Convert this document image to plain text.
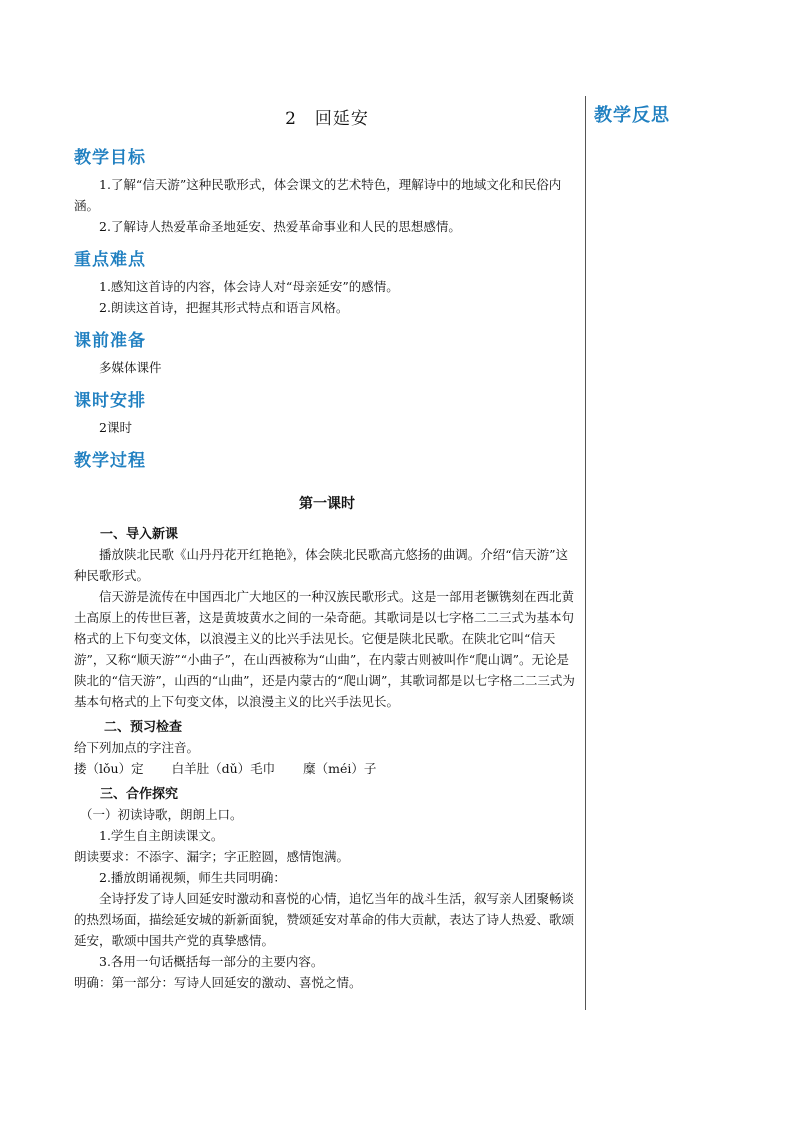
教学反思
2　回延安
教学目标

1.了解“信天游”这种民歌形式，体会课文的艺术特色，理解诗中的地域文化和民俗内涵。

2.了解诗人热爱革命圣地延安、热爱革命事业和人民的思想感情。

重点难点

1.感知这首诗的内容，体会诗人对“母亲延安”的感情。

2.朗读这首诗，把握其形式特点和语言风格。

课前准备

多媒体课件

课时安排

2课时

教学过程
第一课时
一、导入新课

播放陕北民歌《山丹丹花开红艳艳》，体会陕北民歌高亢悠扬的曲调。介绍“信天游”这种民歌形式。

信天游是流传在中国西北广大地区的一种汉族民歌形式。这是一部用老镢镌刻在西北黄土高原上的传世巨著，这是黄坡黄水之间的一朵奇葩。其歌词是以七字格二二三式为基本句格式的上下句变文体，以浪漫主义的比兴手法见长。它便是陕北民歌。在陕北它叫“信天游”，又称“顺天游”“小曲子”，在山西被称为“山曲”，在内蒙古则被叫作“爬山调”。无论是陕北的“信天游”，山西的“山曲”，还是内蒙古的“爬山调”，其歌词都是以七字格二二三式为基本句格式的上下句变文体，以浪漫主义的比兴手法见长。

二、预习检查

给下列加点的字注音。

搂（lǒu）定 白羊肚（dǔ）毛巾 糜（méi）子
三、合作探究

（一）初读诗歌，朗朗上口。

1.学生自主朗读课文。

朗读要求：不添字、漏字；字正腔圆，感情饱满。

2.播放朗诵视频，师生共同明确：

全诗抒发了诗人回延安时激动和喜悦的心情，追忆当年的战斗生活，叙写亲人团聚畅谈的热烈场面，描绘延安城的新新面貌，赞颂延安对革命的伟大贡献，表达了诗人热爱、歌颂延安，歌颂中国共产党的真挚感情。

3.各用一句话概括每一部分的主要内容。

明确：第一部分：写诗人回延安的激动、喜悦之情。
